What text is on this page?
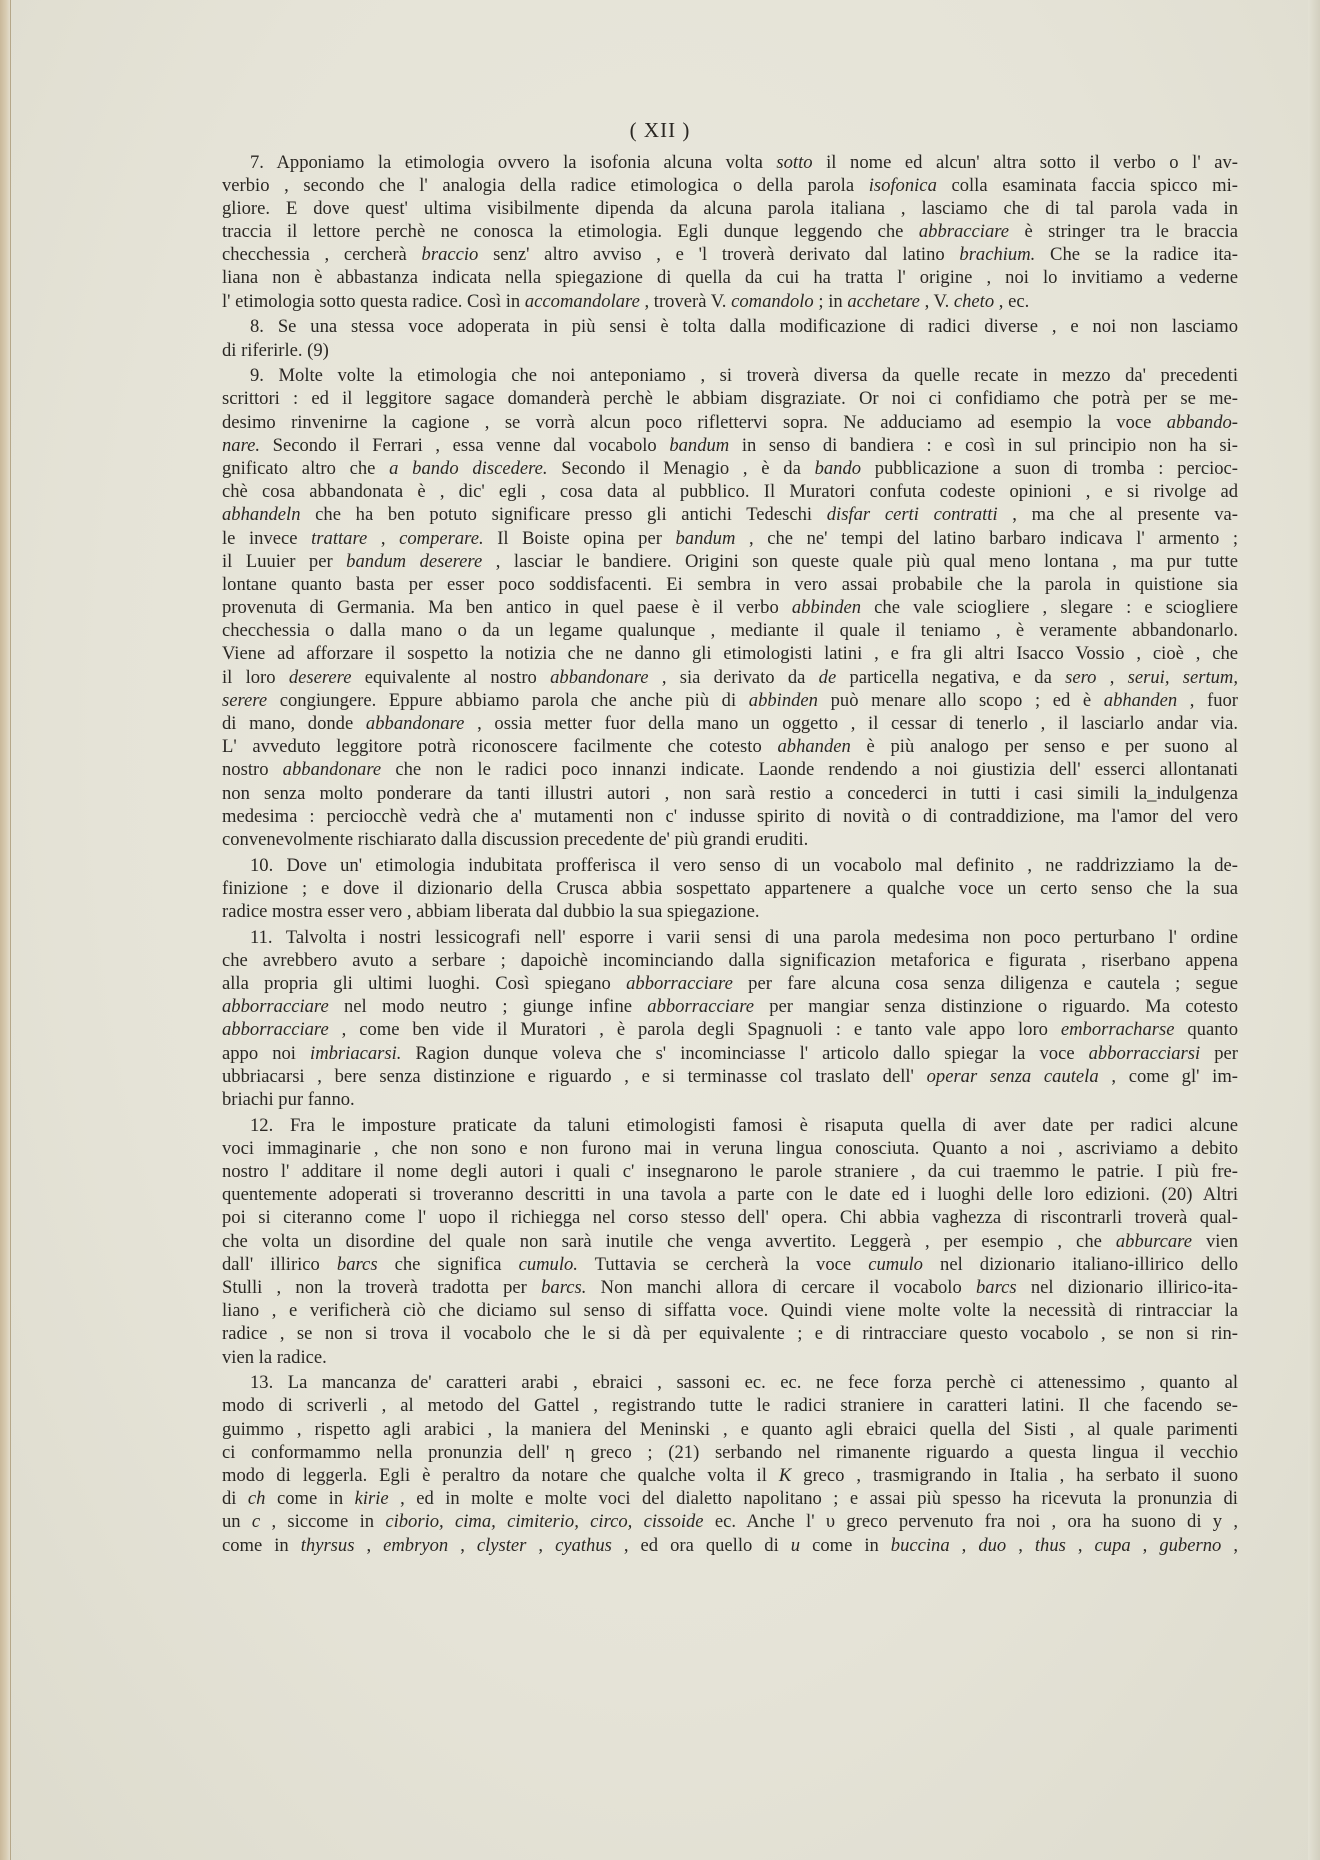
( XII )
7. Apponiamo la etimologia ovvero la isofonia alcuna volta sotto il nome ed alcun' altra sotto il verbo o l' av-
verbio , secondo che l' analogia della radice etimologica o della parola isofonica colla esaminata faccia spicco mi-
gliore. E dove quest' ultima visibilmente dipenda da alcuna parola italiana , lasciamo che di tal parola vada in
traccia il lettore perchè ne conosca la etimologia. Egli dunque leggendo che abbracciare è stringer tra le braccia
checchessia , cercherà braccio senz' altro avviso , e 'l troverà derivato dal latino brachium. Che se la radice ita-
liana non è abbastanza indicata nella spiegazione di quella da cui ha tratta l' origine , noi lo invitiamo a vederne
l' etimologia sotto questa radice. Così in accomandolare , troverà V. comandolo ; in acchetare , V. cheto , ec.
8. Se una stessa voce adoperata in più sensi è tolta dalla modificazione di radici diverse , e noi non lasciamo
di riferirle. (9)
9. Molte volte la etimologia che noi anteponiamo , si troverà diversa da quelle recate in mezzo da' precedenti
scrittori : ed il leggitore sagace domanderà perchè le abbiam disgraziate. Or noi ci confidiamo che potrà per se me-
desimo rinvenirne la cagione , se vorrà alcun poco riflettervi sopra. Ne adduciamo ad esempio la voce abbando-
nare. Secondo il Ferrari , essa venne dal vocabolo bandum in senso di bandiera : e così in sul principio non ha si-
gnificato altro che a bando discedere. Secondo il Menagio , è da bando pubblicazione a suon di tromba : percioc-
chè cosa abbandonata è , dic' egli , cosa data al pubblico. Il Muratori confuta codeste opinioni , e si rivolge ad
abhandeln che ha ben potuto significare presso gli antichi Tedeschi disfar certi contratti , ma che al presente va-
le invece trattare , comperare. Il Boiste opina per bandum , che ne' tempi del latino barbaro indicava l' armento ;
il Luuier per bandum deserere , lasciar le bandiere. Origini son queste quale più qual meno lontana , ma pur tutte
lontane quanto basta per esser poco soddisfacenti. Ei sembra in vero assai probabile che la parola in quistione sia
provenuta di Germania. Ma ben antico in quel paese è il verbo abbinden che vale sciogliere , slegare : e sciogliere
checchessia o dalla mano o da un legame qualunque , mediante il quale il teniamo , è veramente abbandonarlo.
Viene ad afforzare il sospetto la notizia che ne danno gli etimologisti latini , e fra gli altri Isacco Vossio , cioè , che
il loro deserere equivalente al nostro abbandonare , sia derivato da de particella negativa, e da sero , serui, sertum,
serere congiungere. Eppure abbiamo parola che anche più di abbinden può menare allo scopo ; ed è abhanden , fuor
di mano, donde abbandonare , ossia metter fuor della mano un oggetto , il cessar di tenerlo , il lasciarlo andar via.
L' avveduto leggitore potrà riconoscere facilmente che cotesto abhanden è più analogo per senso e per suono al
nostro abbandonare che non le radici poco innanzi indicate. Laonde rendendo a noi giustizia dell' esserci allontanati
non senza molto ponderare da tanti illustri autori , non sarà restio a concederci in tutti i casi simili la_indulgenza
medesima : perciocchè vedrà che a' mutamenti non c' indusse spirito di novità o di contraddizione, ma l'amor del vero
convenevolmente rischiarato dalla discussion precedente de' più grandi eruditi.
10. Dove un' etimologia indubitata profferisca il vero senso di un vocabolo mal definito , ne raddrizziamo la de-
finizione ; e dove il dizionario della Crusca abbia sospettato appartenere a qualche voce un certo senso che la sua
radice mostra esser vero , abbiam liberata dal dubbio la sua spiegazione.
11. Talvolta i nostri lessicografi nell' esporre i varii sensi di una parola medesima non poco perturbano l' ordine
che avrebbero avuto a serbare ; dapoichè incominciando dalla significazion metaforica e figurata , riserbano appena
alla propria gli ultimi luoghi. Così spiegano abborracciare per fare alcuna cosa senza diligenza e cautela ; segue
abborracciare nel modo neutro ; giunge infine abborracciare per mangiar senza distinzione o riguardo. Ma cotesto
abborracciare , come ben vide il Muratori , è parola degli Spagnuoli : e tanto vale appo loro emborracharse quanto
appo noi imbriacarsi. Ragion dunque voleva che s' incominciasse l' articolo dallo spiegar la voce abborracciarsi per
ubbriacarsi , bere senza distinzione e riguardo , e si terminasse col traslato dell' operar senza cautela , come gl' im-
briachi pur fanno.
12. Fra le imposture praticate da taluni etimologisti famosi è risaputa quella di aver date per radici alcune
voci immaginarie , che non sono e non furono mai in veruna lingua conosciuta. Quanto a noi , ascriviamo a debito
nostro l' additare il nome degli autori i quali c' insegnarono le parole straniere , da cui traemmo le patrie. I più fre-
quentemente adoperati si troveranno descritti in una tavola a parte con le date ed i luoghi delle loro edizioni. (20) Altri
poi si citeranno come l' uopo il richiegga nel corso stesso dell' opera. Chi abbia vaghezza di riscontrarli troverà qual-
che volta un disordine del quale non sarà inutile che venga avvertito. Leggerà , per esempio , che abburcare vien
dall' illirico barcs che significa cumulo. Tuttavia se cercherà la voce cumulo nel dizionario italiano-illirico dello
Stulli , non la troverà tradotta per barcs. Non manchi allora di cercare il vocabolo barcs nel dizionario illirico-ita-
liano , e verificherà ciò che diciamo sul senso di siffatta voce. Quindi viene molte volte la necessità di rintracciar la
radice , se non si trova il vocabolo che le si dà per equivalente ; e di rintracciare questo vocabolo , se non si rin-
vien la radice.
13. La mancanza de' caratteri arabi , ebraici , sassoni ec. ec. ne fece forza perchè ci attenessimo , quanto al
modo di scriverli , al metodo del Gattel , registrando tutte le radici straniere in caratteri latini. Il che facendo se-
guimmo , rispetto agli arabici , la maniera del Meninski , e quanto agli ebraici quella del Sisti , al quale parimenti
ci conformammo nella pronunzia dell' η greco ; (21) serbando nel rimanente riguardo a questa lingua il vecchio
modo di leggerla. Egli è peraltro da notare che qualche volta il K greco , trasmigrando in Italia , ha serbato il suono
di ch come in kirie , ed in molte e molte voci del dialetto napolitano ; e assai più spesso ha ricevuta la pronunzia di
un c , siccome in ciborio, cima, cimiterio, circo, cissoide ec. Anche l' υ greco pervenuto fra noi , ora ha suono di y ,
come in thyrsus , embryon , clyster , cyathus , ed ora quello di u come in buccina , duo , thus , cupa , guberno ,
